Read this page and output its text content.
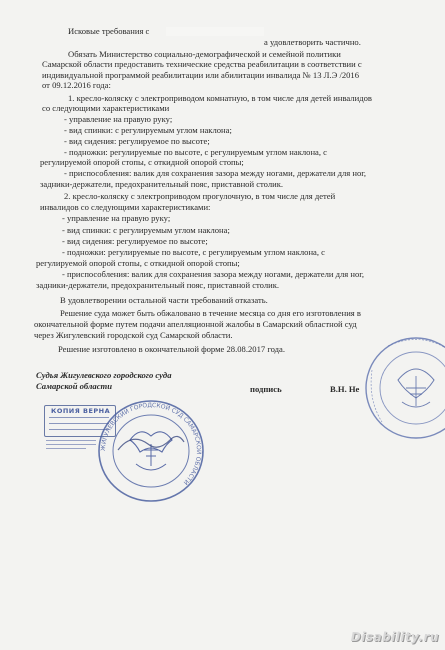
Исковые требования с
а удовлетворить частично.
Обязать Министерство социально-демографической и семейной политики
Самарской области предоставить технические средства реабилитации в соответствии с
индивидуальной программой реабилитации или абилитации инвалида № 13 Л.Э /2016
от 09.12.2016 года:
1. кресло-коляску с электроприводом комнатную, в том числе для детей инвалидов
со следующими характеристиками
- управление на правую руку;
- вид спинки: с регулируемым углом наклона;
- вид сидения: регулируемое по высоте;
- подножки: регулируемые по высоте, с регулируемым углом наклона, с
регулируемой опорой стопы, с откидной опорой стопы;
- приспособления: валик для сохранения зазора между ногами, держатели для ног,
задники-держатели, предохранительный пояс, приставной столик.
2. кресло-коляску с электроприводом прогулочную, в том числе для детей
инвалидов со следующими характеристиками:
- управление на правую руку;
- вид спинки: с регулируемым углом наклона;
- вид сидения: регулируемое по высоте;
- подножки: регулируемые по высоте, с регулируемым углом наклона, с
регулируемой опорой стопы, с откидной опорой стопы;
- приспособления: валик для сохранения зазора между ногами, держатели для ног,
задники-держатели, предохранительный пояс, приставной столик.
В удовлетворении остальной части требований отказать.
Решение суда может быть обжаловано в течение месяца со дня его изготовления в
окончательной форме путем подачи апелляционной жалобы в Самарский областной суд
через Жигулевский городской суд Самарской области.
Решение изготовлено в окончательной форме 28.08.2017 года.
Судья Жигулевского городского суда
Самарской области	подпись	В.Н. Не
КОПИЯ ВЕРНА
ЖИГУЛЕВСКИЙ ГОРОДСКОЙ СУД САМАРСКОЙ ОБЛАСТИ
Disability.ru
